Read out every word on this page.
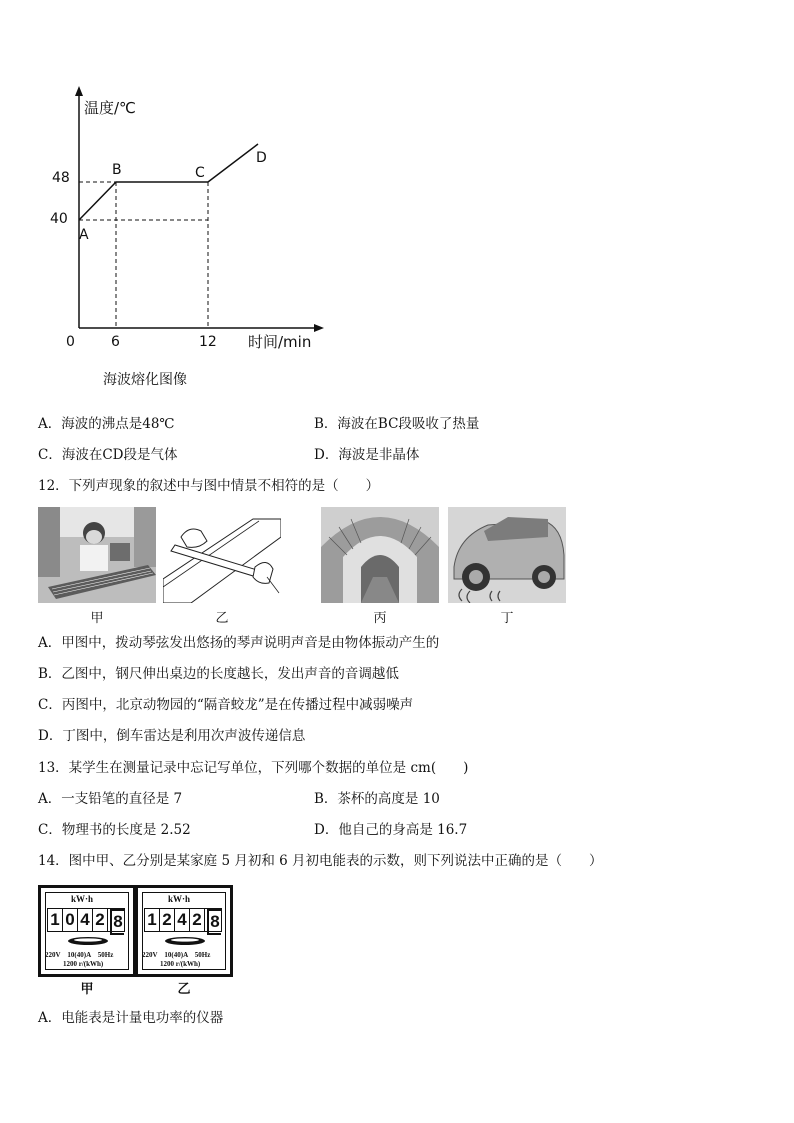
温度/℃
时间/min
48
40
0	6	12
A
B	C
D
海波熔化图像
A．海波的沸点是48℃	B．海波在BC段吸收了热量
C．海波在CD段是气体	D．海波是非晶体
12．下列声现象的叙述中与图中情景不相符的是（　　）
甲	乙	丙	丁
A．甲图中，拨动琴弦发出悠扬的琴声说明声音是由物体振动产生的
B．乙图中，钢尺伸出桌边的长度越长，发出声音的音调越低
C．丙图中，北京动物园的“隔音蛟龙”是在传播过程中减弱噪声
D．丁图中，倒车雷达是利用次声波传递信息
13．某学生在测量记录中忘记写单位，下列哪个数据的单位是 cm(　　)
A．一支铅笔的直径是 7	B．茶杯的高度是 10
C．物理书的长度是 2.52	D．他自己的身高是 16.7
14．图中甲、乙分别是某家庭 5 月初和 6 月初电能表的示数，则下列说法中正确的是（　　）
kW·h
1 0 4 2 8
220V　10(40)A　50Hz
1200 r/(kWh)
甲
kW·h
1 2 4 2 8
220V　10(40)A　50Hz
1200 r/(kWh)
乙
A．电能表是计量电功率的仪器
